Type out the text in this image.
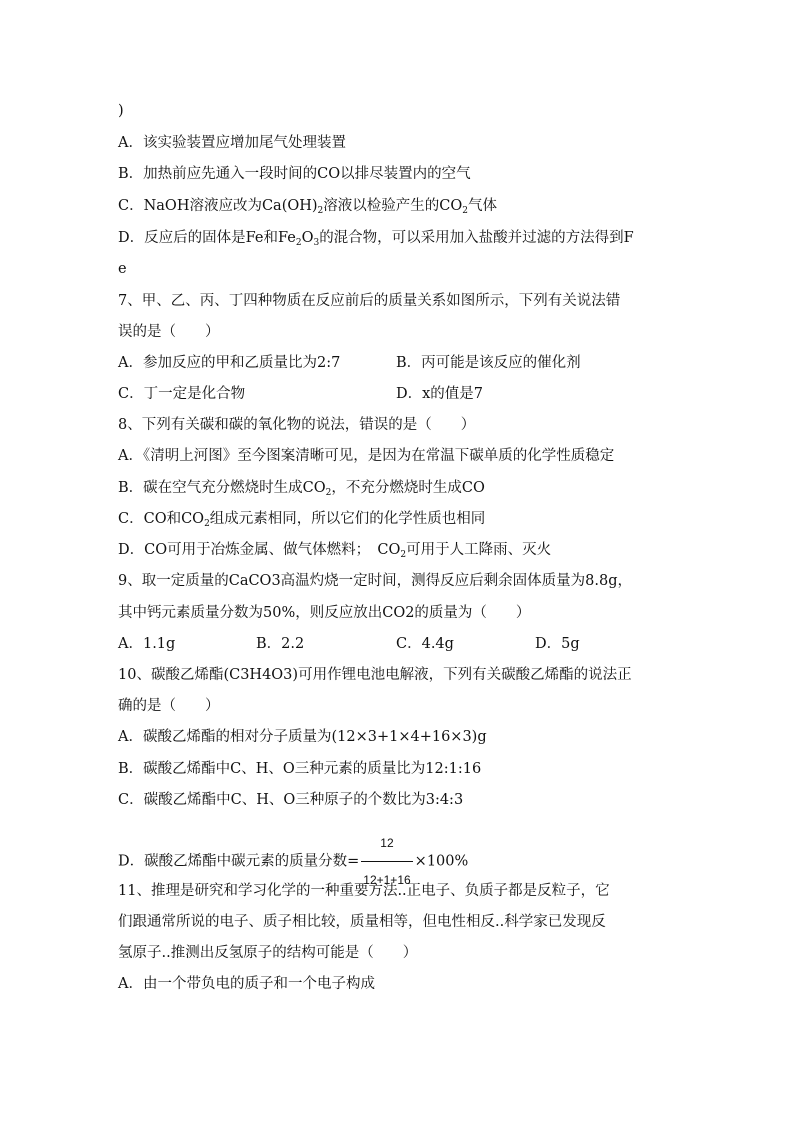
)
A．该实验装置应增加尾气处理装置
B．加热前应先通入一段时间的CO以排尽装置内的空气
C．NaOH溶液应改为$Ca(OH)_2$溶液以检验产生的$CO_2$气体
D．反应后的固体是Fe和$Fe_2O_3$的混合物，可以采用加入盐酸并过滤的方法得到F
e
7、甲、乙、丙、丁四种物质在反应前后的质量关系如图所示，下列有关说法错
误的是（　　）
A．参加反应的甲和乙质量比为2:7	B．丙可能是该反应的催化剂
C．丁一定是化合物	D．x的值是7
8、下列有关碳和碳的氧化物的说法，错误的是（　　）
A．《清明上河图》至今图案清晰可见，是因为在常温下碳单质的化学性质稳定
B．碳在空气充分燃烧时生成$CO_2$，不充分燃烧时生成CO
C．CO和$CO_2$组成元素相同，所以它们的化学性质也相同
D．CO可用于冶炼金属、做气体燃料；　$CO_2$可用于人工降雨、灭火
9、取一定质量的CaCO3高温灼烧一定时间，测得反应后剩余固体质量为8.8g，
其中钙元素质量分数为50%，则反应放出CO2的质量为（　　）
A．1.1g	B．2.2	C．4.4g	D．5g
10、碳酸乙烯酯(C3H4O3)可用作锂电池电解液，下列有关碳酸乙烯酯的说法正
确的是（　　）
A．碳酸乙烯酯的相对分子质量为(12×3+1×4+16×3)g
B．碳酸乙烯酯中C、H、O三种元素的质量比为12:1:16
C．碳酸乙烯酯中C、H、O三种原子的个数比为3:4:3
D．碳酸乙烯酯中碳元素的质量分数= $\frac{12}{12+1+16} \times 100\%$
11、推理是研究和学习化学的一种重要方法..正电子、负质子都是反粒子，它
们跟通常所说的电子、质子相比较，质量相等，但电性相反..科学家已发现反
氢原子..推测出反氢原子的结构可能是（　　）
A．由一个带负电的质子和一个电子构成
